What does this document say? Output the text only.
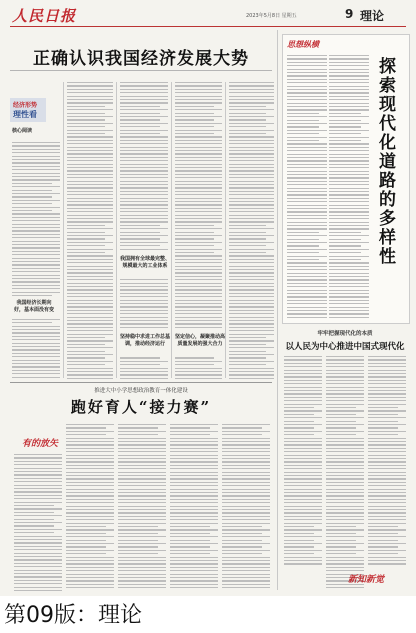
人民日报	2023年5月8日 星期五	9 理论
正确认识我国经济发展大势
经济形势
理性看
核心阅读
我国经济长期向好，基本面没有变
我国拥有全球最完整、规模最大的工业体系
坚持稳中求进工作总基调，推动经济运行
坚定信心，凝聚推动高质量发展的强大合力
思想纵横
探索现代化道路的多样性
牢牢把握现代化的本质
以人民为中心推进中国式现代化
推进大中小学思想政治教育一体化建设
跑好育人“接力赛”
有的放矢
新知新觉
第09版：理论
